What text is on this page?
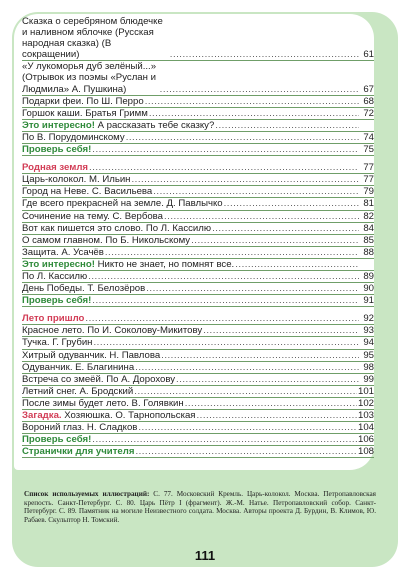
Сказка о серебряном блюдечке и наливном яблочке (Русская народная сказка) (В сокращении) .....	61
«У лукоморья дуб зелёный...» (Отрывок из поэмы «Руслан и Людмила» А. Пушкина) .....	67
Подарки феи. По Ш. Перро .....	68
Горшок каши. Братья Гримм .....	72
Это интересно! А рассказать тебе сказку?
.....
По В. Порудоминскому .....	74
Проверь себя! .....	75
Родная земля .....	77
Царь-колокол. М. Ильин .....	77
Город на Неве. С. Васильева .....	79
Где всего прекрасней на земле. Д. Павлычко .....	81
Сочинение на тему. С. Вербова .....	82
Вот как пишется это слово. По Л. Кассилю .....	84
О самом главном. По Б. Никольскому .....	85
Защита. А. Усачёв .....	88
Это интересно! Никто не знает, но помнят все.
.....
По Л. Кассилю .....	89
День Победы. Т. Белозёров .....	90
Проверь себя! .....	91
Лето пришло .....	92
Красное лето. По И. Соколову-Микитову .....	93
Тучка. Г. Грубин .....	94
Хитрый одуванчик. Н. Павлова .....	95
Одуванчик. Е. Благинина .....	98
Встреча со змеёй. По А. Дорохову .....	99
Летний снег. А. Бродский .....	101
После зимы будет лето. В. Голявкин .....	102
Загадка. Хозяюшка. О. Тарнопольская .....	103
Вороний глаз. Н. Сладков .....	104
Проверь себя! .....	106
Странички для учителя .....	108
Список используемых иллюстраций: С. 77. Московский Кремль. Царь-колокол. Москва. Петропавловская крепость. Санкт-Петербург. С. 80. Царь Пётр I (фрагмент). Ж.-М. Натье. Петропавловский собор. Санкт-Петербург. С. 89. Памятник на могиле Неизвестного солдата. Москва. Авторы проекта Д. Бурдин, В. Климов, Ю. Рабаев. Скульптор Н. Томский.
111
